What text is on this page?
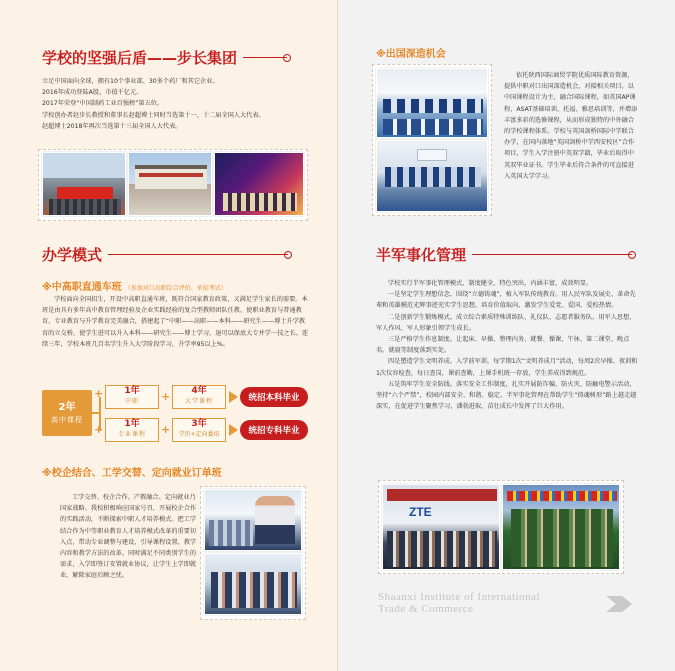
学校的坚强后盾——步长集团

立足中国面向全球，拥有10个事业部、30多个药厂和其它企业。

2016年成功登陆A股，市值千亿元。

2017年荣登“中国制药工业百强榜”第五位。

学校创办者赵步长教授和董事长赵超博士同时当选第十一、十二届全国人大代表。

赵超博士2018年再次当选第十三届全国人大代表。

办学模式
※中高职直通车班 （参加对口高职综合评价、单招考试）

学校面向全国招生，开设中高职直通车班，既符合国家教育政策，又满足学生家长的需要。本班是由具有多年高中教育管理经验及企业实践经验的复合型教师团队任教，使职业教育与普通教育、专业教育与升学教育完美融合，搭建起了“中职——高职——本科——研究生——博士升学教育的立交桥，使学生进可以升入本科——研究生——博士学习，退可以保底大专并学一技之长。连续三年，学校本班几百名学生升入大学阶段学习，升学率95以上%。

2年
高中课程
+
+
1年
中职	+	4年
大学课程	统招本科毕业
1年
专业课程	+	3年
学历+定向委培	统招专科毕业
※校企结合、工学交替、定向就业订单班

工学交替、校企合作、产教融合、定向就业乃国家战略。我校积极响应国家号召，开展校企合作的实践活动，不断探索中职人才培养模式。把工学结合作为中等职业教育人才培养模式改革的重要切入点，带动专业调整与建设，引导课程设置、教学内容和教学方法的改革。同时满足不同类别学生的需求，入学即签订安置就业协议，让学生上学即就业，解除家庭后顾之忧。

※出国深造机会

依托陕西国际商贸学院优质国际教育资源，提供中职对口出国深造机会，对接相关项目。以中国课程设计为主，融合国际课程，如英国AP课程、ASAT基础培训、托福、雅思培训等，并增添丰富多彩的选修课程，从而形成独特的中外融合的学校课程体系。学校与英国剑桥国际中学联合办学，在国内落地“英国剑桥中学西安校区”合作项目，学生入学注册中英双学籍，毕业后取得中英双毕业证书。学生毕业后符合条件的可直接进入英国大学学习。

半军事化管理

学校实行半军事化管理模式，制度健全，特色突出，内涵丰富，成效明显。

一是坚定学生理想信念。围绕“立德铸魂”，植入军队传统教育。用人民军队发展史、革命先辈和英雄模范光辉事迹充实学生思想，培育价值取向，激发学生爱党、爱国、爱校热情。

二是创新学生锻炼模式。成立综合素质特殊训练队、礼仪队、志愿者服务队，用军人思想、军人作风、军人形象引领学生成长。

三是严格学生作息制度。让起床、早操、整理内务、就餐、操课、午休、第二课堂、晚点名、就寝等制度落到实处。

四是塑造学生文明养成。入学前军训，每学期1次“文明养成月”活动，每周2次早操、夜训和1次仪容检查，每日查岗，课前查勤，上课手机统一存放，学生养成得到规范。

五是筑牢学生安全防线。落实安全工作制度，扎实开展防诈骗、防火灾、防触电警示活动，坚持“六个严禁”，校园内部安全、和谐、稳定。半军事化管理在帮助学生“铸魂树形”路上越走越深实，在促进学生聚焦学习、潘勃进取、苗壮成长中发挥了巨大作用。

ZTE
Shaanxi Institute of International
Trade & Commerce
